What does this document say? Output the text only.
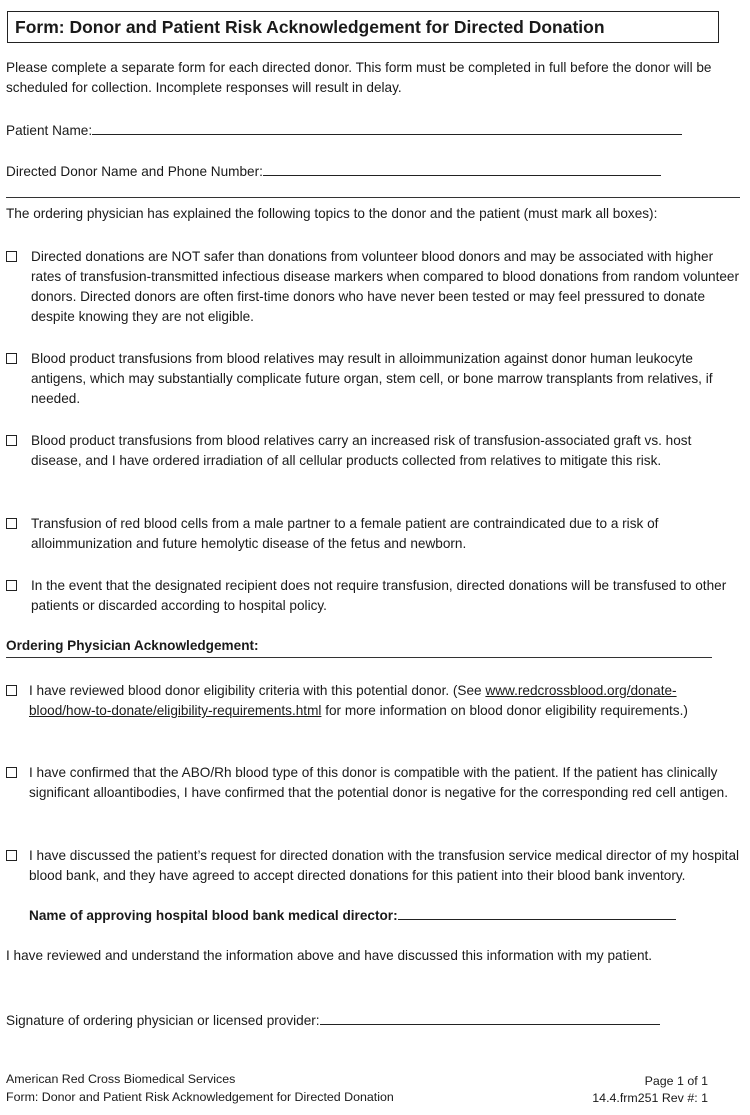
Form: Donor and Patient Risk Acknowledgement for Directed Donation
Please complete a separate form for each directed donor. This form must be completed in full before the donor will be scheduled for collection. Incomplete responses will result in delay.
Patient Name:
Directed Donor Name and Phone Number:
The ordering physician has explained the following topics to the donor and the patient (must mark all boxes):
Directed donations are NOT safer than donations from volunteer blood donors and may be associated with higher rates of transfusion-transmitted infectious disease markers when compared to blood donations from random volunteer donors. Directed donors are often first-time donors who have never been tested or may feel pressured to donate despite knowing they are not eligible.
Blood product transfusions from blood relatives may result in alloimmunization against donor human leukocyte antigens, which may substantially complicate future organ, stem cell, or bone marrow transplants from relatives, if needed.
Blood product transfusions from blood relatives carry an increased risk of transfusion-associated graft vs. host disease, and I have ordered irradiation of all cellular products collected from relatives to mitigate this risk.
Transfusion of red blood cells from a male partner to a female patient are contraindicated due to a risk of alloimmunization and future hemolytic disease of the fetus and newborn.
In the event that the designated recipient does not require transfusion, directed donations will be transfused to other patients or discarded according to hospital policy.
Ordering Physician Acknowledgement:
I have reviewed blood donor eligibility criteria with this potential donor. (See www.redcrossblood.org/donate-blood/how-to-donate/eligibility-requirements.html for more information on blood donor eligibility requirements.)
I have confirmed that the ABO/Rh blood type of this donor is compatible with the patient. If the patient has clinically significant alloantibodies, I have confirmed that the potential donor is negative for the corresponding red cell antigen.
I have discussed the patient’s request for directed donation with the transfusion service medical director of my hospital blood bank, and they have agreed to accept directed donations for this patient into their blood bank inventory.
Name of approving hospital blood bank medical director:
I have reviewed and understand the information above and have discussed this information with my patient.
Signature of ordering physician or licensed provider:
American Red Cross Biomedical Services
Form: Donor and Patient Risk Acknowledgement for Directed Donation
Page 1 of 1
14.4.frm251 Rev #: 1
